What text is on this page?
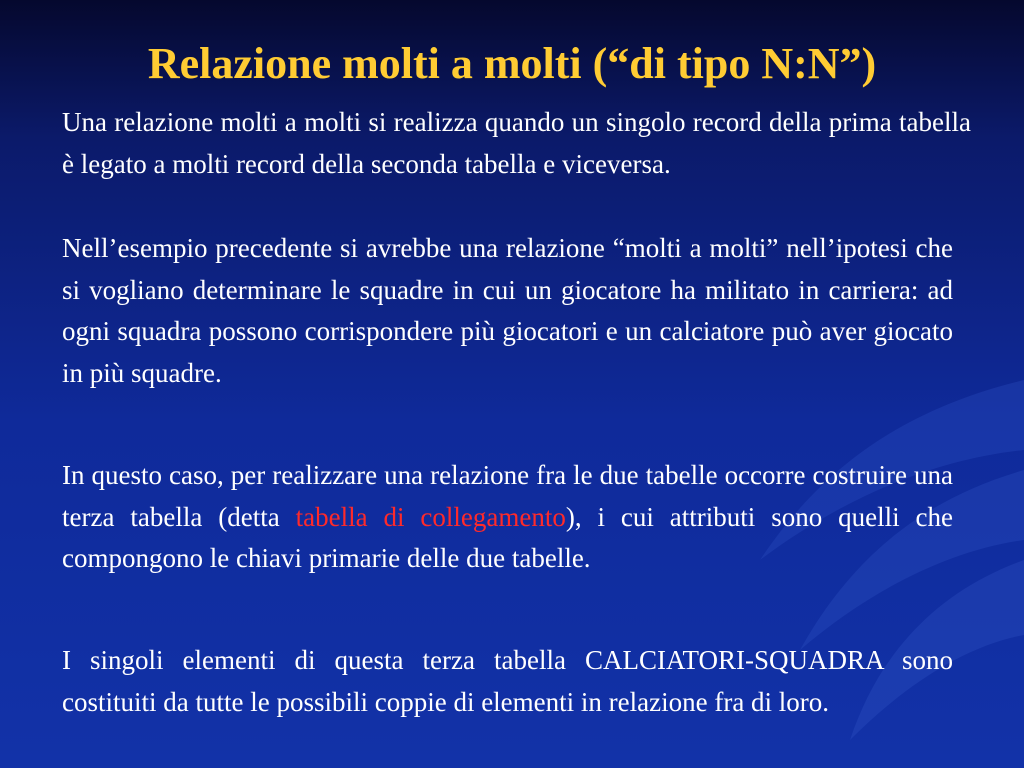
Relazione molti a molti (“di tipo N:N”)

Una relazione molti a molti si realizza quando un singolo record della prima tabella è legato a molti record della seconda tabella e viceversa.

Nell’esempio precedente si avrebbe una relazione “molti a molti” nell’ipotesi che si vogliano determinare le squadre in cui un giocatore ha militato in carriera: ad ogni squadra possono corrispondere più giocatori e un calciatore può aver giocato in più squadre.

In questo caso, per realizzare una relazione fra le due tabelle occorre costruire una terza tabella (detta tabella di collegamento), i cui attributi sono quelli che compongono le chiavi primarie delle due tabelle.

I singoli elementi di questa terza tabella CALCIATORI-SQUADRA sono costituiti da tutte le possibili coppie di elementi in relazione fra di loro.
